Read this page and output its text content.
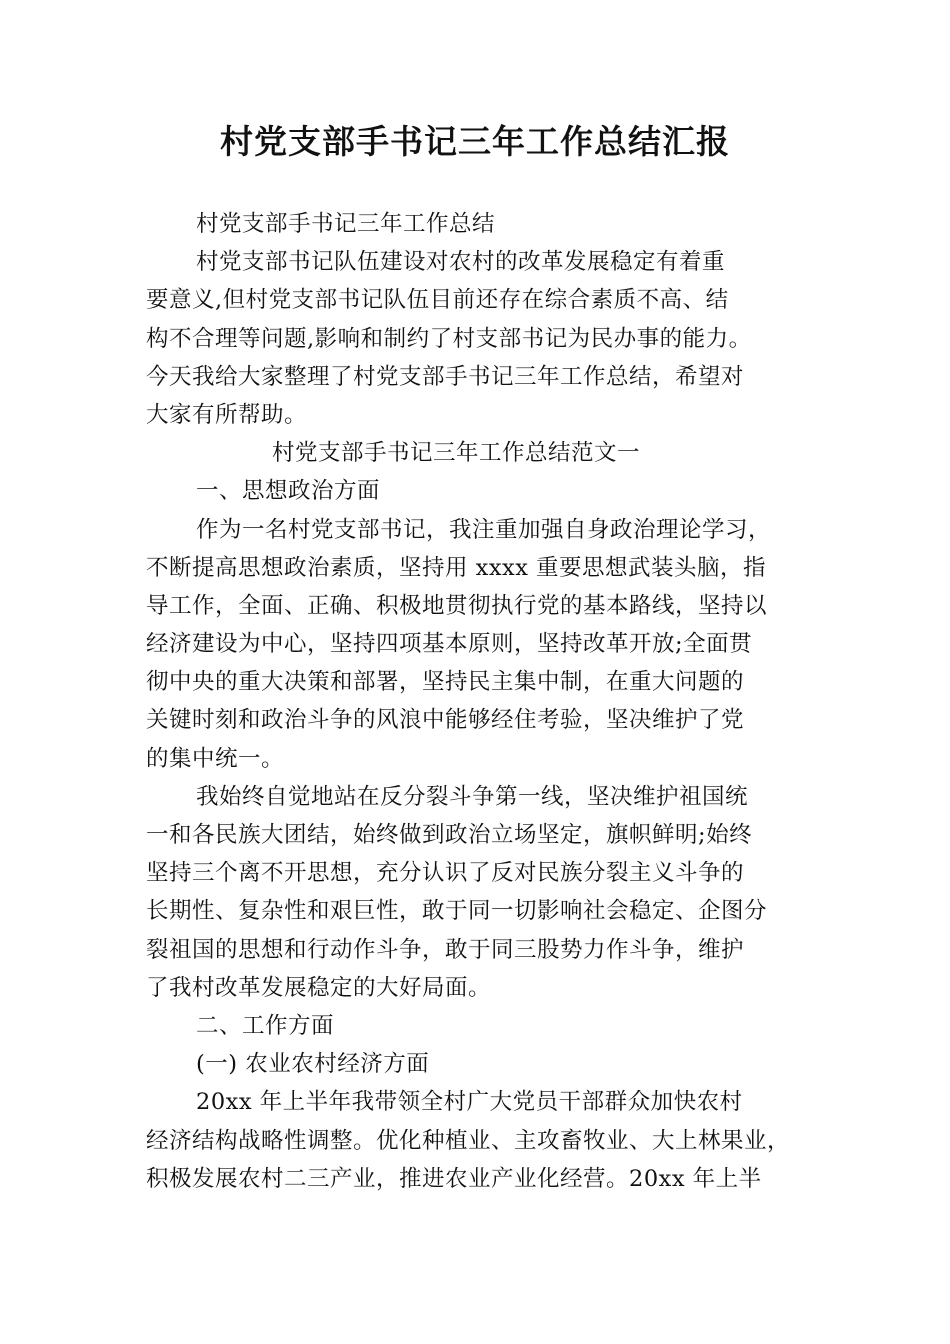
村党支部手书记三年工作总结汇报
村党支部手书记三年工作总结
村党支部书记队伍建设对农村的改革发展稳定有着重
要意义,但村党支部书记队伍目前还存在综合素质不高、结
构不合理等问题,影响和制约了村支部书记为民办事的能力。
今天我给大家整理了村党支部手书记三年工作总结，希望对
大家有所帮助。
村党支部手书记三年工作总结范文一
一、思想政治方面
作为一名村党支部书记，我注重加强自身政治理论学习，
不断提高思想政治素质，坚持用 xxxx 重要思想武装头脑，指
导工作，全面、正确、积极地贯彻执行党的基本路线，坚持以
经济建设为中心，坚持四项基本原则，坚持改革开放;全面贯
彻中央的重大决策和部署，坚持民主集中制，在重大问题的
关键时刻和政治斗争的风浪中能够经住考验，坚决维护了党
的集中统一。
我始终自觉地站在反分裂斗争第一线，坚决维护祖国统
一和各民族大团结，始终做到政治立场坚定，旗帜鲜明;始终
坚持三个离不开思想，充分认识了反对民族分裂主义斗争的
长期性、复杂性和艰巨性，敢于同一切影响社会稳定、企图分
裂祖国的思想和行动作斗争，敢于同三股势力作斗争，维护
了我村改革发展稳定的大好局面。
二、工作方面
(一) 农业农村经济方面
20xx 年上半年我带领全村广大党员干部群众加快农村
经济结构战略性调整。优化种植业、主攻畜牧业、大上林果业，
积极发展农村二三产业，推进农业产业化经营。20xx 年上半
